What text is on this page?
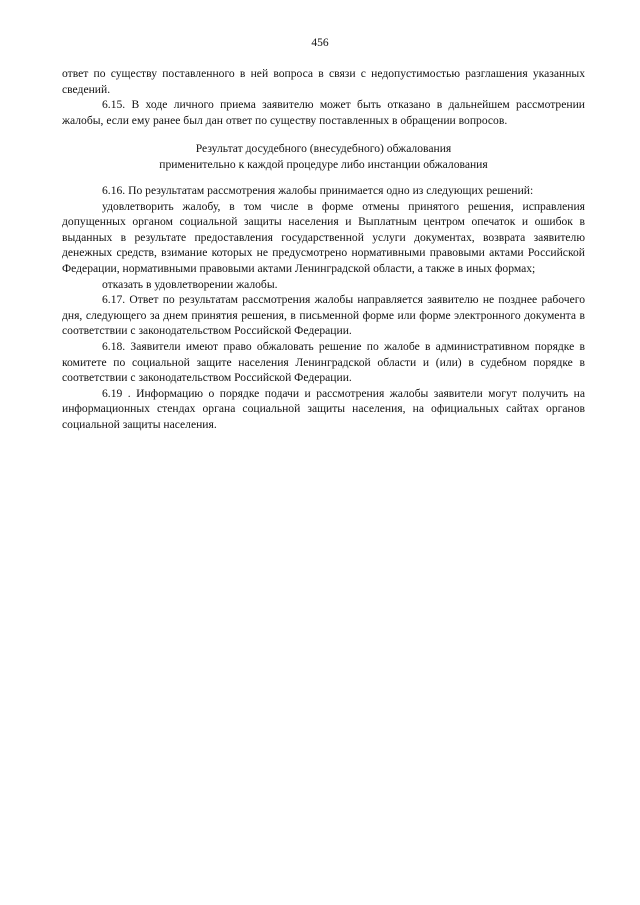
456

ответ по существу поставленного в ней вопроса в связи с недопустимостью разглашения указанных сведений.

6.15. В ходе личного приема заявителю может быть отказано в дальнейшем рассмотрении жалобы, если ему ранее был дан ответ по существу поставленных в обращении вопросов.

Результат досудебного (внесудебного) обжалования
применительно к каждой процедуре либо инстанции обжалования

6.16. По результатам рассмотрения жалобы принимается одно из следующих решений:

удовлетворить жалобу, в том числе в форме отмены принятого решения, исправления допущенных органом социальной защиты населения и Выплатным центром опечаток и ошибок в выданных в результате предоставления государственной услуги документах, возврата заявителю денежных средств, взимание которых не предусмотрено нормативными правовыми актами Российской Федерации, нормативными правовыми актами Ленинградской области, а также в иных формах;

отказать в удовлетворении жалобы.

6.17. Ответ по результатам рассмотрения жалобы направляется заявителю не позднее рабочего дня, следующего за днем принятия решения, в письменной форме или форме электронного документа в соответствии с законодательством Российской Федерации.

6.18. Заявители имеют право обжаловать решение по жалобе в административном порядке в комитете по социальной защите населения Ленинградской области и (или) в судебном порядке в соответствии с законодательством Российской Федерации.

6.19 . Информацию о порядке подачи и рассмотрения жалобы заявители могут получить на информационных стендах органа социальной защиты населения, на официальных сайтах органов социальной защиты населения.
